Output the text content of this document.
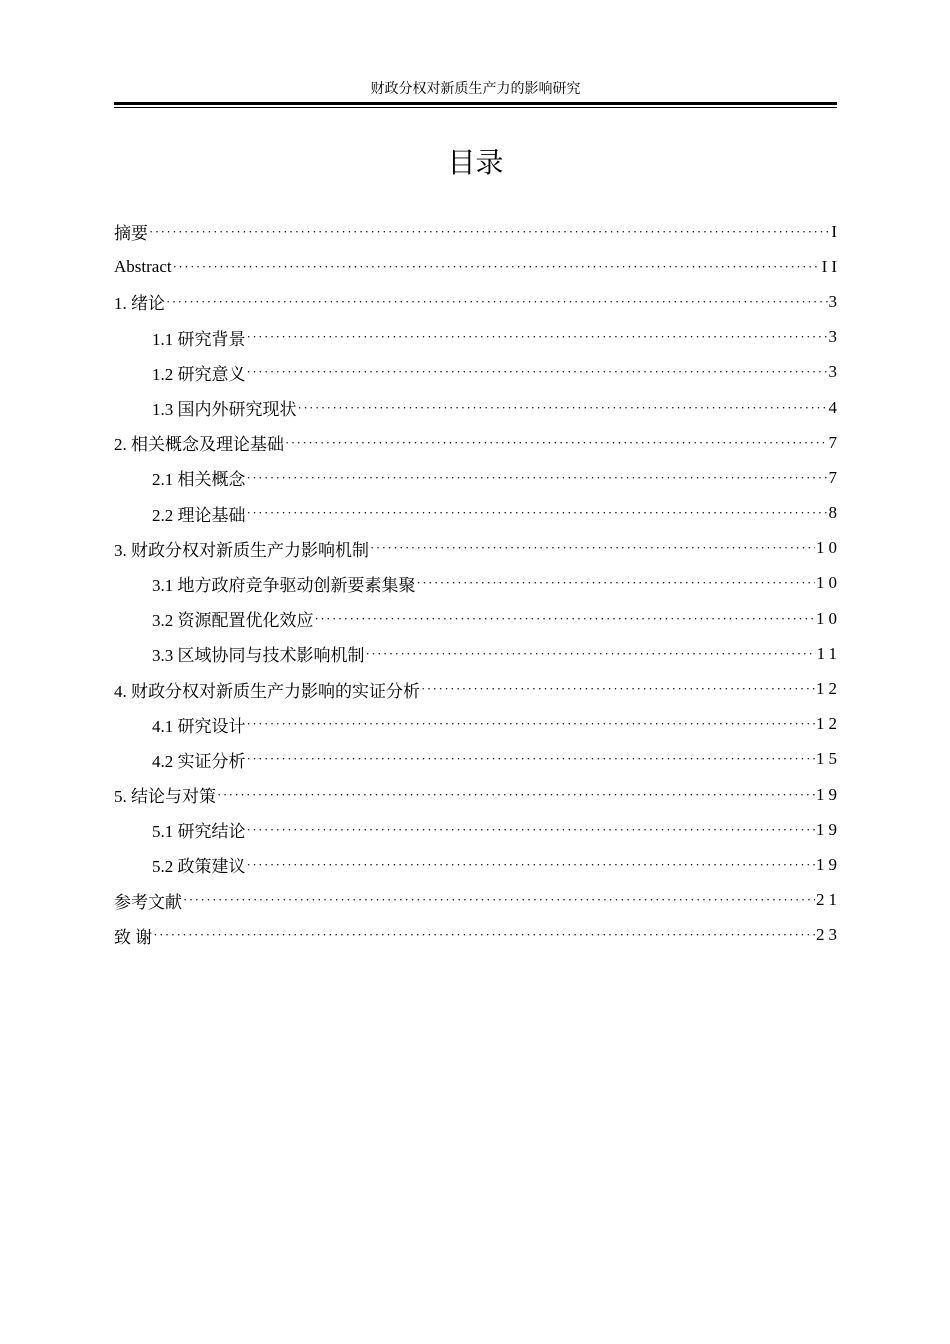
财政分权对新质生产力的影响研究
目录
摘要 ·····	I
Abstract ·····	II
1. 绪论 ·····	3
1.1 研究背景 ·····	3
1.2 研究意义 ·····	3
1.3 国内外研究现状 ·····	4
2. 相关概念及理论基础 ·····	7
2.1 相关概念 ·····	7
2.2 理论基础 ·····	8
3. 财政分权对新质生产力影响机制 ·····	10
3.1 地方政府竞争驱动创新要素集聚 ·····	10
3.2 资源配置优化效应 ·····	10
3.3 区域协同与技术影响机制 ·····	11
4. 财政分权对新质生产力影响的实证分析 ·····	12
4.1 研究设计 ·····	12
4.2 实证分析 ·····	15
5. 结论与对策 ·····	19
5.1 研究结论 ·····	19
5.2 政策建议 ·····	19
参考文献 ·····	21
致 谢 ·····	23
